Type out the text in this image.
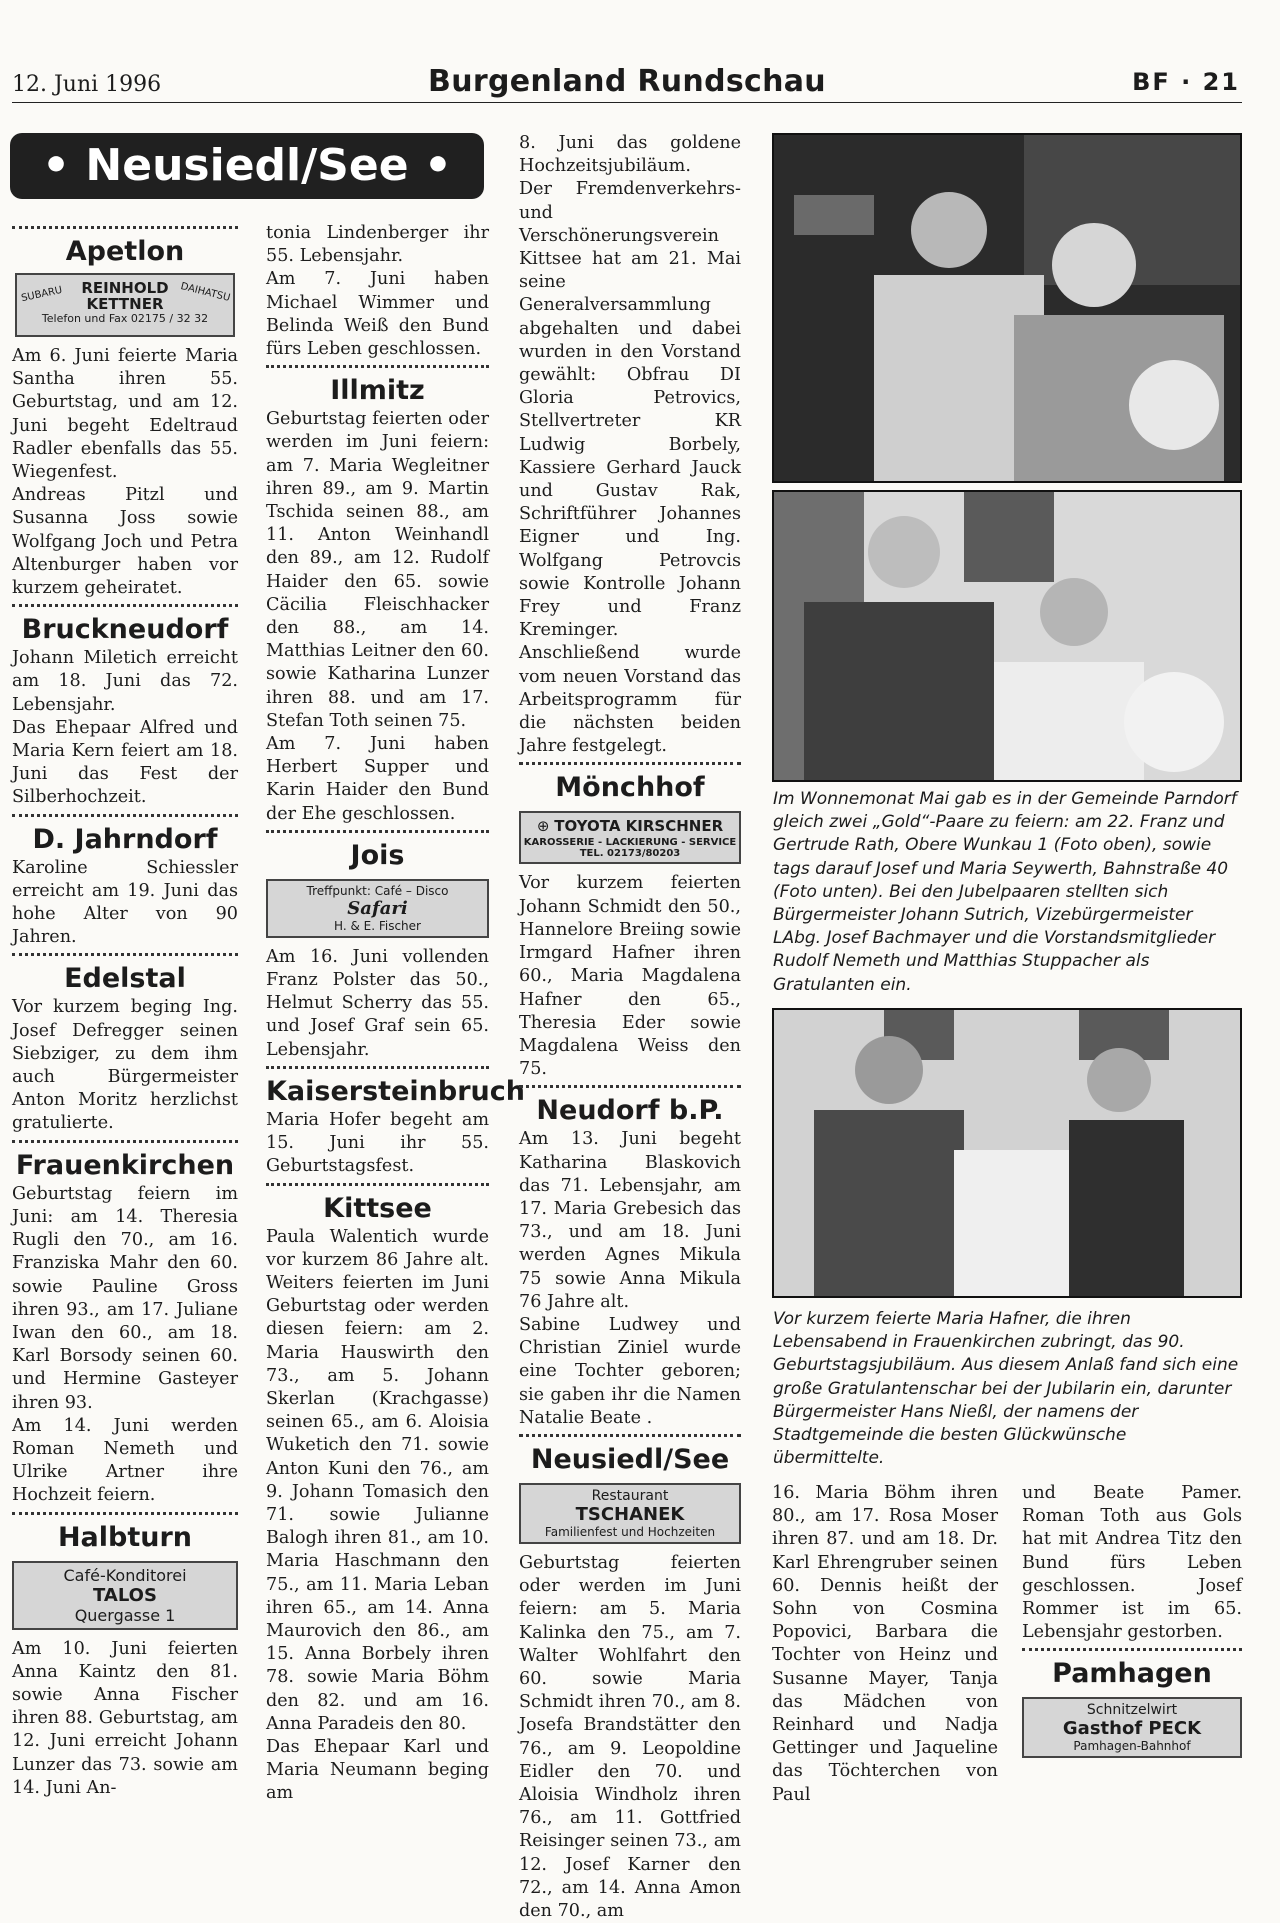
12. Juni 1996	Burgenland Rundschau	BF · 21
• Neusiedl/See •
Apetlon
SUBARU	DAIHATSU
REINHOLD
KETTNER
Telefon und Fax 02175 / 32 32

Am 6. Juni feierte Maria Santha ihren 55. Geburtstag, und am 12. Juni begeht Edeltraud Radler ebenfalls das 55. Wiegenfest.

Andreas Pitzl und Susanna Joss sowie Wolfgang Joch und Petra Altenburger haben vor kurzem geheiratet.

Bruckneudorf

Johann Miletich erreicht am 18. Juni das 72. Lebensjahr.

Das Ehepaar Alfred und Maria Kern feiert am 18. Juni das Fest der Silberhochzeit.

D. Jahrndorf

Karoline Schiessler erreicht am 19. Juni das hohe Alter von 90 Jahren.

Edelstal

Vor kurzem beging Ing. Josef Defregger seinen Siebziger, zu dem ihm auch Bürgermeister Anton Moritz herzlichst gratulierte.

Frauenkirchen

Geburtstag feiern im Juni: am 14. Theresia Rugli den 70., am 16. Franziska Mahr den 60. sowie Pauline Gross ihren 93., am 17. Juliane Iwan den 60., am 18. Karl Borsody seinen 60. und Hermine Gasteyer ihren 93.

Am 14. Juni werden Roman Nemeth und Ulrike Artner ihre Hochzeit feiern.

Halbturn
Café-Konditorei
TALOS
Quergasse 1

Am 10. Juni feierten Anna Kaintz den 81. sowie Anna Fischer ihren 88. Geburtstag, am 12. Juni erreicht Johann Lunzer das 73. sowie am 14. Juni An-

tonia Lindenberger ihr 55. Lebensjahr.

Am 7. Juni haben Michael Wimmer und Belinda Weiß den Bund fürs Leben geschlossen.

Illmitz

Geburtstag feierten oder werden im Juni feiern: am 7. Maria Wegleitner ihren 89., am 9. Martin Tschida seinen 88., am 11. Anton Weinhandl den 89., am 12. Rudolf Haider den 65. sowie Cäcilia Fleischhacker den 88., am 14. Matthias Leitner den 60. sowie Katharina Lunzer ihren 88. und am 17. Stefan Toth seinen 75.

Am 7. Juni haben Herbert Supper und Karin Haider den Bund der Ehe geschlossen.

Jois
Treffpunkt: Café – Disco
Safari
H. & E. Fischer

Am 16. Juni vollenden Franz Polster das 50., Helmut Scherry das 55. und Josef Graf sein 65. Lebensjahr.

Kaisersteinbruch

Maria Hofer begeht am 15. Juni ihr 55. Geburtstagsfest.

Kittsee

Paula Walentich wurde vor kurzem 86 Jahre alt. Weiters feierten im Juni Geburtstag oder werden diesen feiern: am 2. Maria Hauswirth den 73., am 5. Johann Skerlan (Krachgasse) seinen 65., am 6. Aloisia Wuketich den 71. sowie Anton Kuni den 76., am 9. Johann Tomasich den 71. sowie Julianne Balogh ihren 81., am 10. Maria Haschmann den 75., am 11. Maria Leban ihren 65., am 14. Anna Maurovich den 86., am 15. Anna Borbely ihren 78. sowie Maria Böhm den 82. und am 16. Anna Paradeis den 80.

Das Ehepaar Karl und Maria Neumann beging am

8. Juni das goldene Hochzeitsjubiläum.

Der Fremdenverkehrs- und Verschönerungsverein Kittsee hat am 21. Mai seine Generalversammlung abgehalten und dabei wurden in den Vorstand gewählt: Obfrau DI Gloria Petrovics, Stellvertreter KR Ludwig Borbely, Kassiere Gerhard Jauck und Gustav Rak, Schriftführer Johannes Eigner und Ing. Wolfgang Petrovcis sowie Kontrolle Johann Frey und Franz Kreminger. Anschließend wurde vom neuen Vorstand das Arbeitsprogramm für die nächsten beiden Jahre festgelegt.

Mönchhof
⊕ TOYOTA KIRSCHNER
KAROSSERIE - LACKIERUNG - SERVICE
TEL. 02173/80203

Vor kurzem feierten Johann Schmidt den 50., Hannelore Breiing sowie Irmgard Hafner ihren 60., Maria Magdalena Hafner den 65., Theresia Eder sowie Magdalena Weiss den 75.

Neudorf b.P.

Am 13. Juni begeht Katharina Blaskovich das 71. Lebensjahr, am 17. Maria Grebesich das 73., und am 18. Juni werden Agnes Mikula 75 sowie Anna Mikula 76 Jahre alt.

Sabine Ludwey und Christian Ziniel wurde eine Tochter geboren; sie gaben ihr die Namen Natalie Beate .

Neusiedl/See
Restaurant
TSCHANEK
Familienfest und Hochzeiten

Geburtstag feierten oder werden im Juni feiern: am 5. Maria Kalinka den 75., am 7. Walter Wohlfahrt den 60. sowie Maria Schmidt ihren 70., am 8. Josefa Brandstätter den 76., am 9. Leopoldine Eidler den 70. und Aloisia Windholz ihren 76., am 11. Gottfried Reisinger seinen 73., am 12. Josef Karner den 72., am 14. Anna Amon den 70., am

Im Wonnemonat Mai gab es in der Gemeinde Parndorf gleich zwei „Gold“-Paare zu feiern: am 22. Franz und Gertrude Rath, Obere Wunkau 1 (Foto oben), sowie tags darauf Josef und Maria Seywerth, Bahnstraße 40 (Foto unten). Bei den Jubelpaaren stellten sich Bürgermeister Johann Sutrich, Vizebürgermeister LAbg. Josef Bachmayer und die Vorstandsmitglieder Rudolf Nemeth und Matthias Stuppacher als Gratulanten ein.
Vor kurzem feierte Maria Hafner, die ihren Lebensabend in Frauenkirchen zubringt, das 90. Geburtstagsjubiläum. Aus diesem Anlaß fand sich eine große Gratulantenschar bei der Jubilarin ein, darunter Bürgermeister Hans Nießl, der namens der Stadtgemeinde die besten Glückwünsche übermittelte.

16. Maria Böhm ihren 80., am 17. Rosa Moser ihren 87. und am 18. Dr. Karl Ehrengruber seinen 60. Dennis heißt der Sohn von Cosmina Popovici, Barbara die Tochter von Heinz und Susanne Mayer, Tanja das Mädchen von Reinhard und Nadja Gettinger und Jaqueline das Töchterchen von Paul

und Beate Pamer. Roman Toth aus Gols hat mit Andrea Titz den Bund fürs Leben geschlossen. Josef Rommer ist im 65. Lebensjahr gestorben.

Pamhagen
Schnitzelwirt
Gasthof PECK
Pamhagen-Bahnhof
